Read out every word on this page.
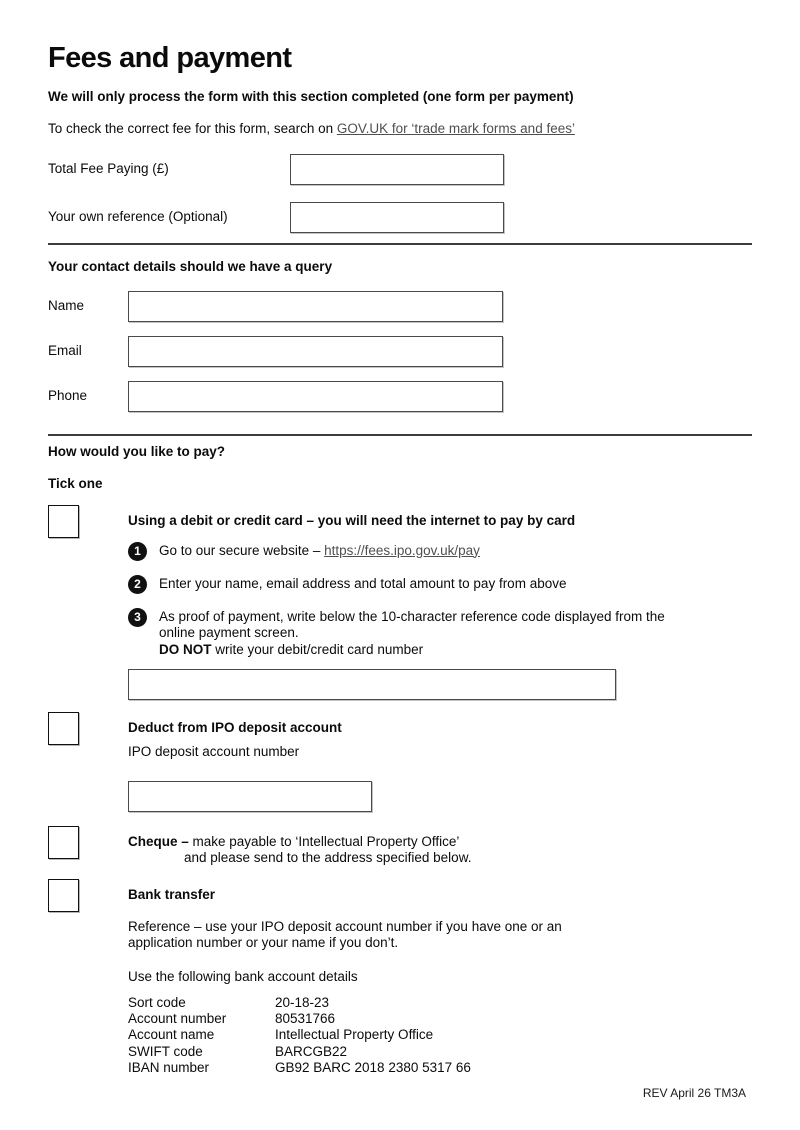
Fees and payment

We will only process the form with this section completed (one form per payment)

To check the correct fee for this form, search on GOV.UK for ‘trade mark forms and fees’

Total Fee Paying (£)
Your own reference (Optional)
Your contact details should we have a query
Name
Email
Phone
How would you like to pay?
Tick one
Using a debit or credit card – you will need the internet to pay by card
1	Go to our secure website – https://fees.ipo.gov.uk/pay
2	Enter your name, email address and total amount to pay from above
3	As proof of payment, write below the 10-character reference code displayed from the online payment screen.
DO NOT write your debit/credit card number
Deduct from IPO deposit account

IPO deposit account number

Cheque – make payable to ‘Intellectual Property Office’

and please send to the address specified below.

Bank transfer

Reference – use your IPO deposit account number if you have one or an application number or your name if you don’t.

Use the following bank account details

Sort code	20-18-23
Account number	80531766
Account name	Intellectual Property Office
SWIFT code	BARCGB22
IBAN number	GB92 BARC 2018 2380 5317 66
REV April 26 TM3A
